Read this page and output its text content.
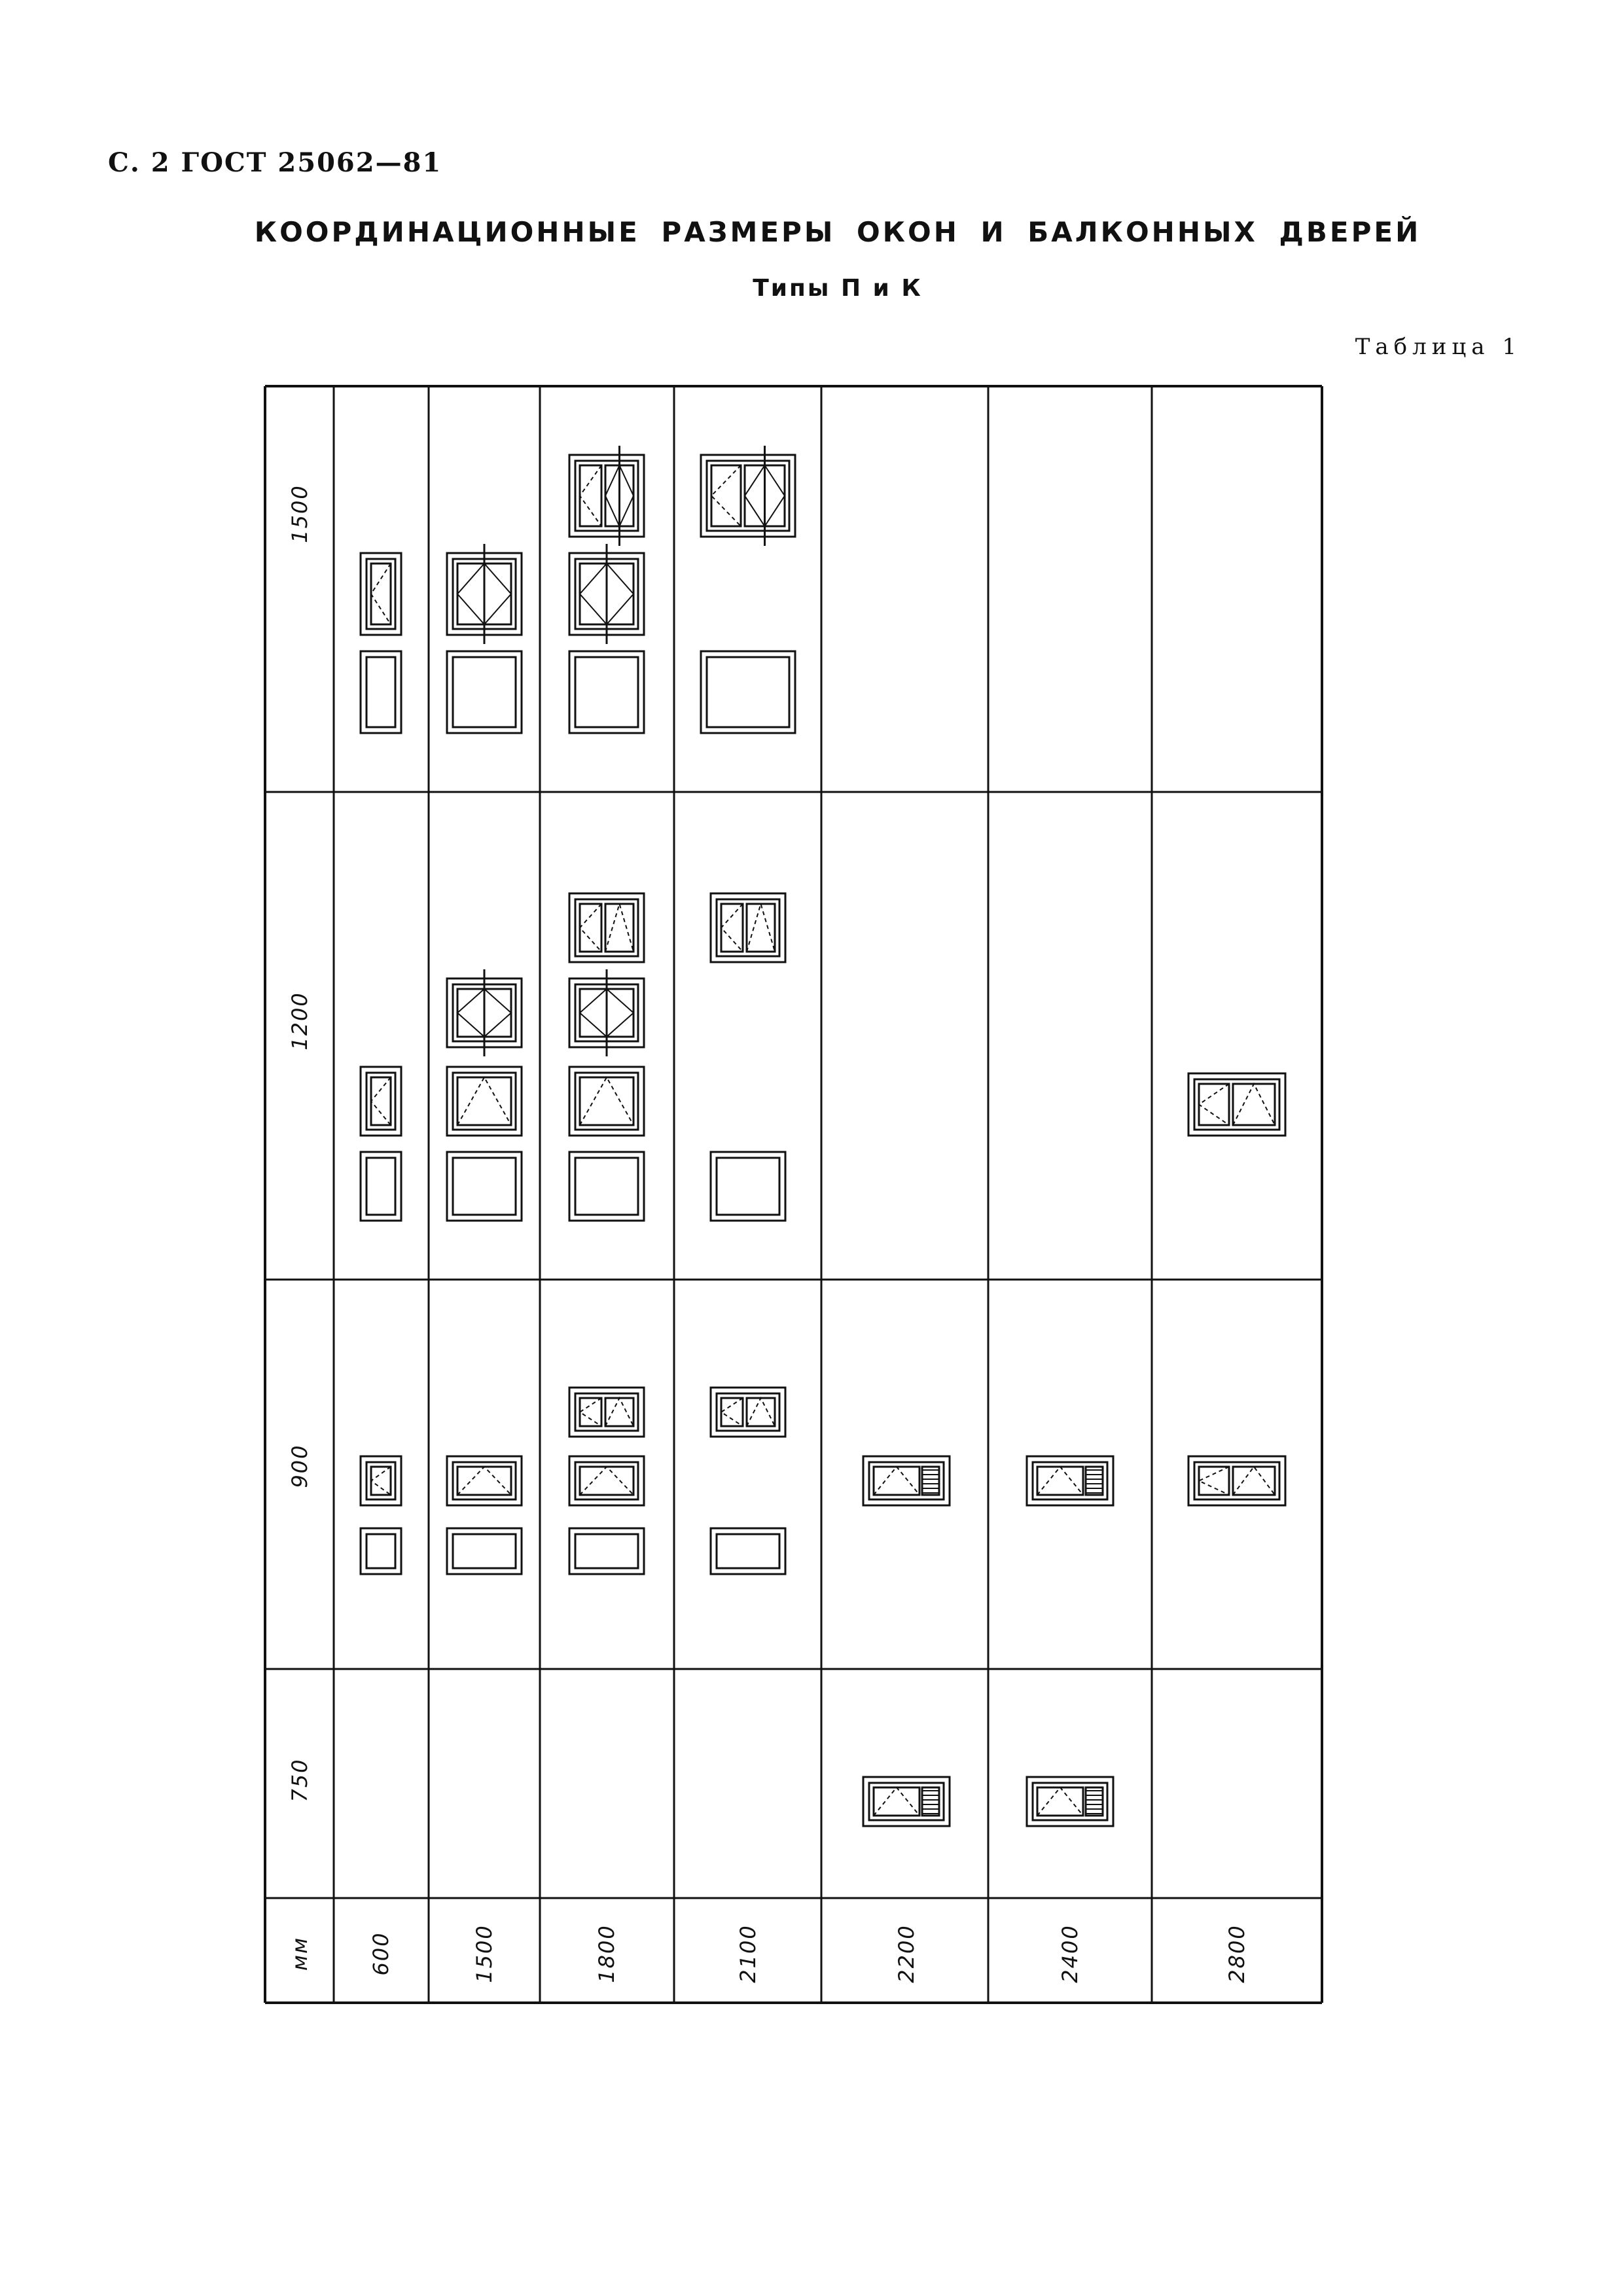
С. 2 ГОСТ 25062—81
КООРДИНАЦИОННЫЕ РАЗМЕРЫ ОКОН И БАЛКОННЫХ ДВЕРЕЙ
Типы П и К
Таблица 1
1500
1200
900
750
мм	600	1500	1800	2100	2200	2400	2800
